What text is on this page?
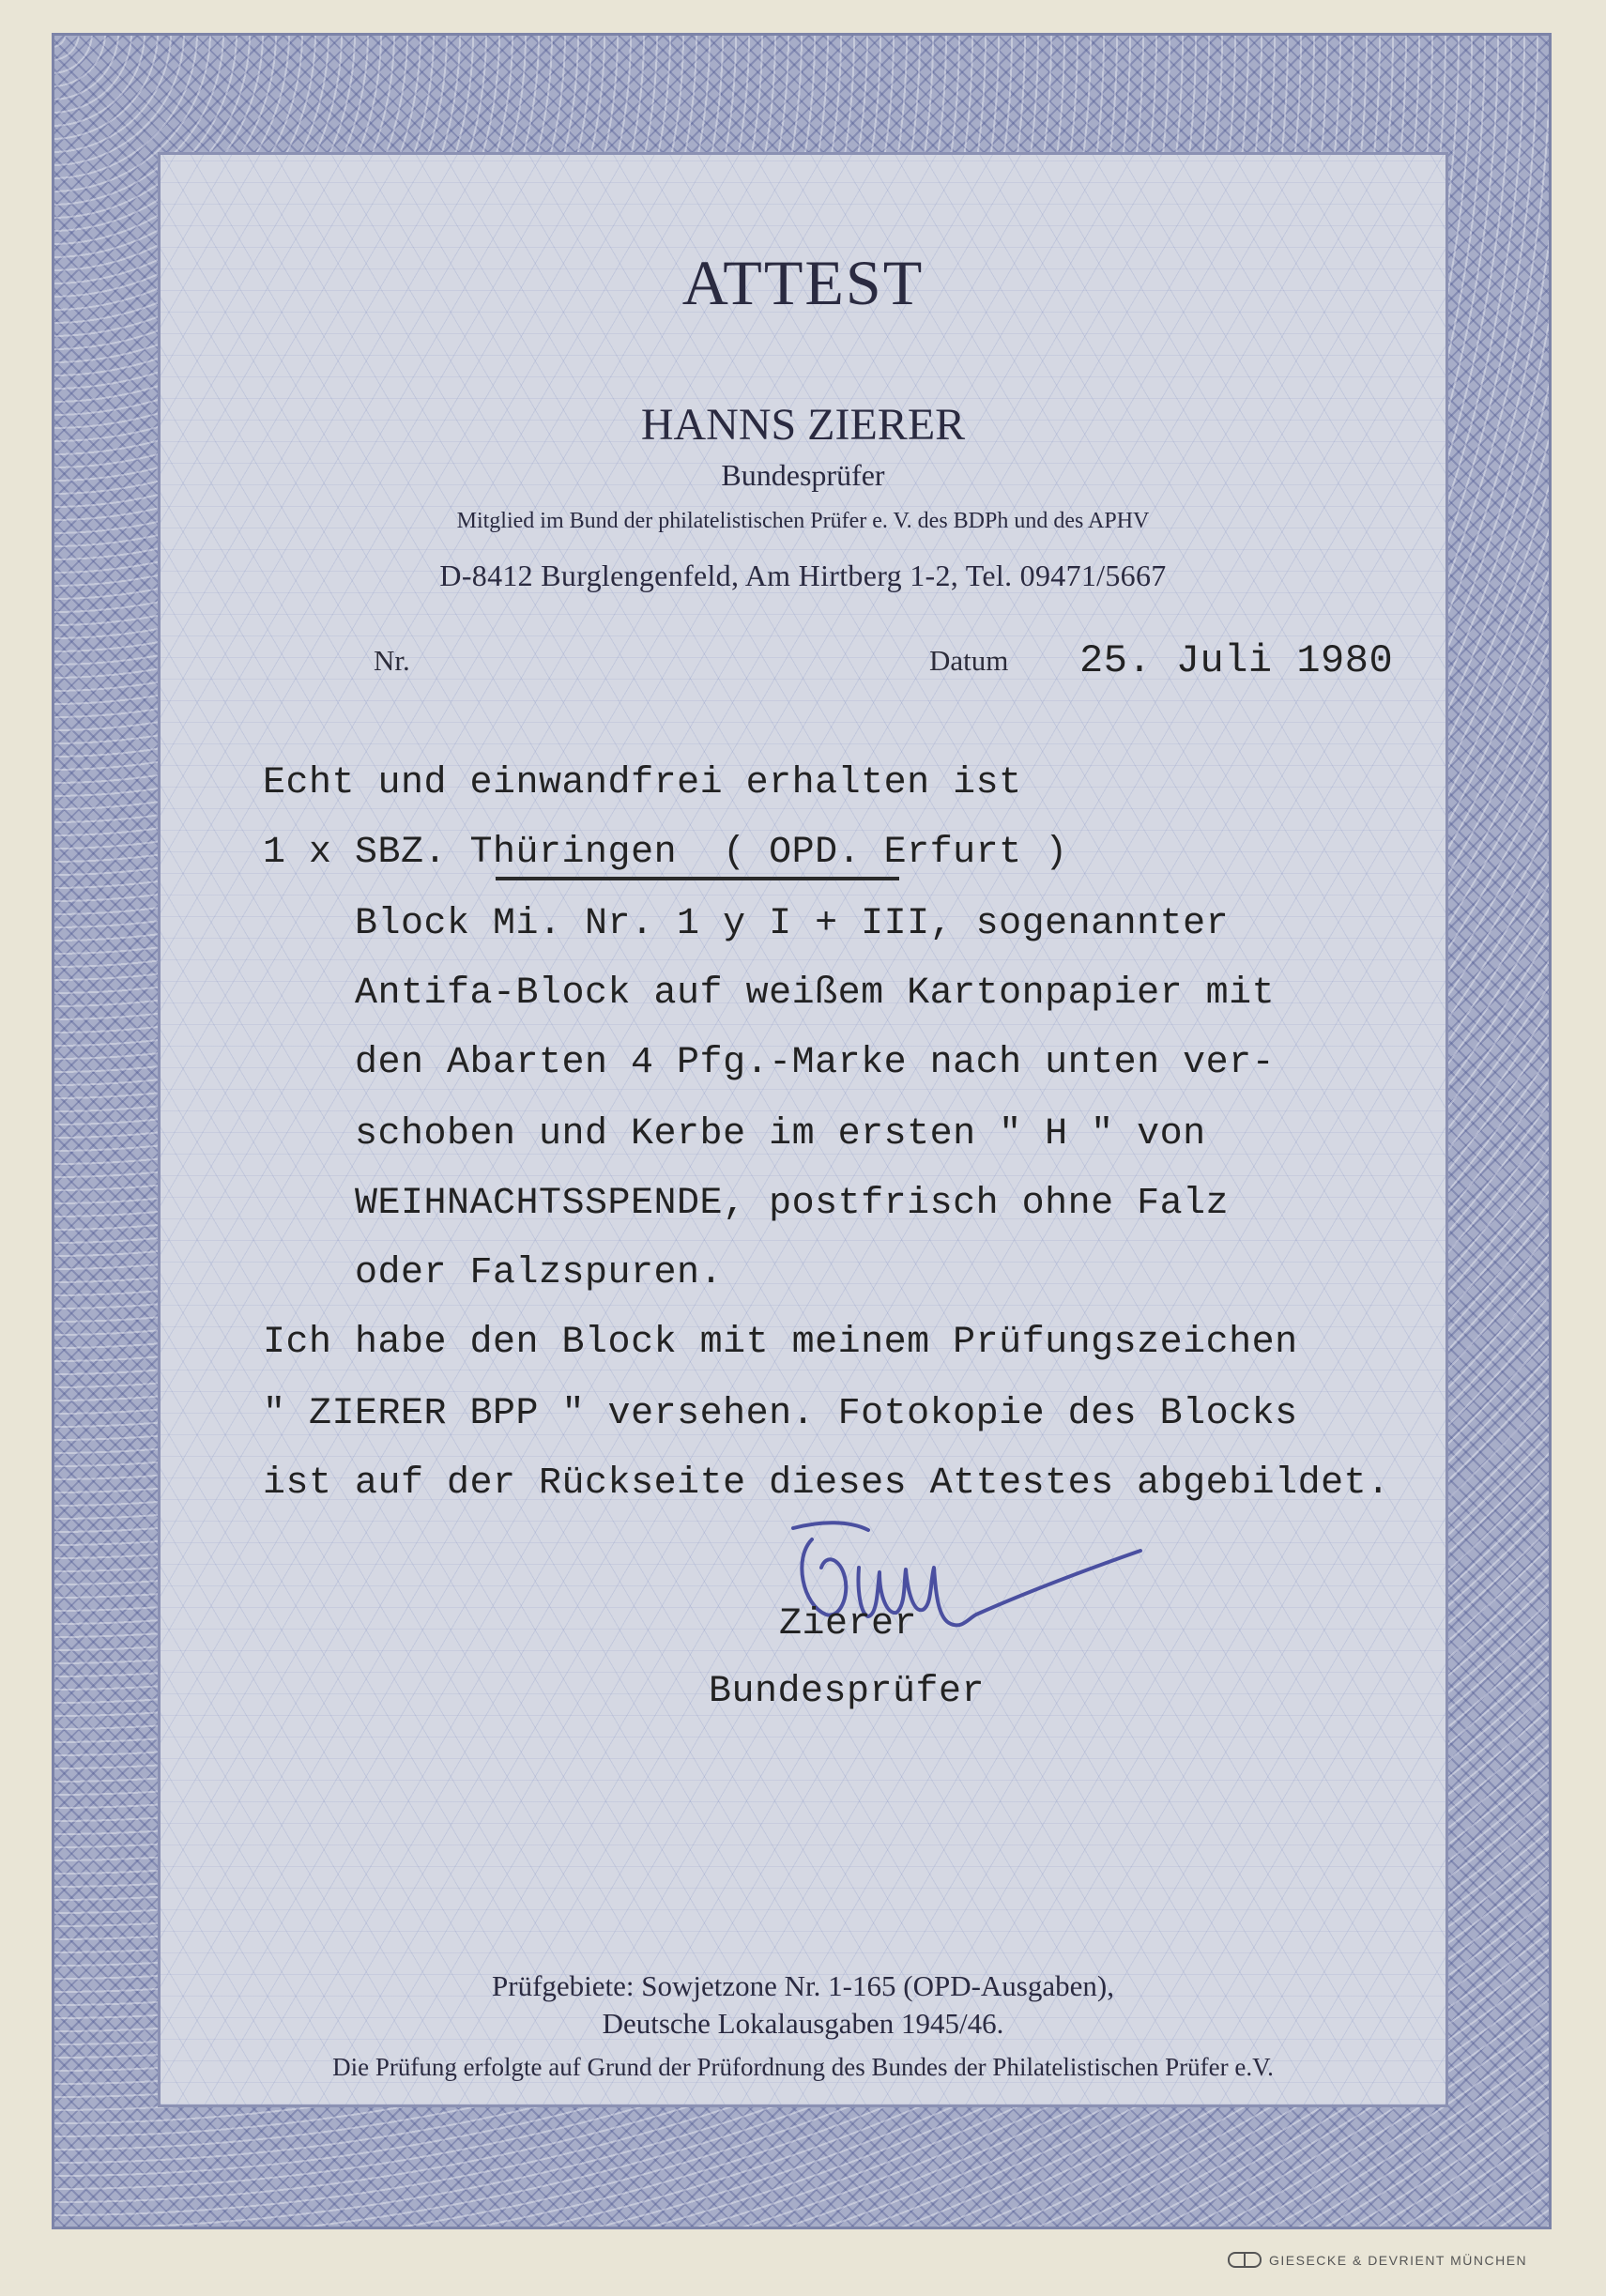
ATTEST
HANNS ZIERER
Bundesprüfer
Mitglied im Bund der philatelistischen Prüfer e. V. des BDPh und des APHV
D-8412 Burglengenfeld, Am Hirtberg 1-2, Tel. 09471/5667
Nr.	Datum 25. Juli 1980
Echt und einwandfrei erhalten ist
1 x SBZ. Thüringen  ( OPD. Erfurt )
Block Mi. Nr. 1 y I + III, sogenannter
Antifa-Block auf weißem Kartonpapier mit
den Abarten 4 Pfg.-Marke nach unten ver-
schoben und Kerbe im ersten " H " von
WEIHNACHTSSPENDE, postfrisch ohne Falz
oder Falzspuren.
Ich habe den Block mit meinem Prüfungszeichen
" ZIERER BPP " versehen. Fotokopie des Blocks
ist auf der Rückseite dieses Attestes abgebildet.
Zierer
Bundesprüfer
Prüfgebiete: Sowjetzone Nr. 1-165 (OPD-Ausgaben),
Deutsche Lokalausgaben 1945/46.
Die Prüfung erfolgte auf Grund der Prüfordnung des Bundes der Philatelistischen Prüfer e.V.
GIESECKE & DEVRIENT MÜNCHEN
